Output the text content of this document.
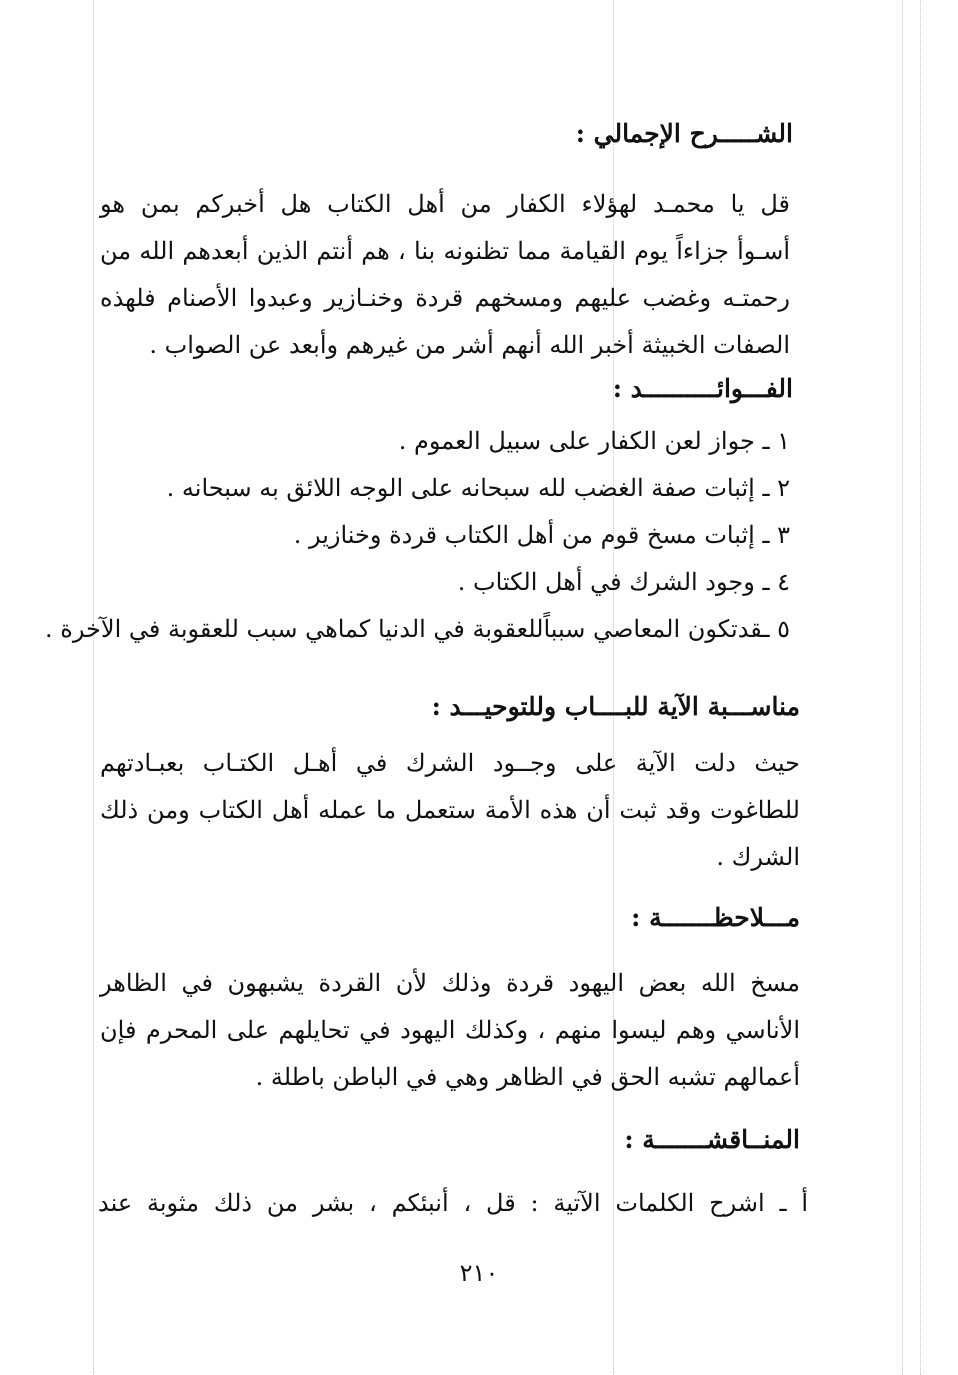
الشـــــرح الإجمالي :
قل يا محمـد لهؤلاء الكفار من أهل الكتاب هل أخبركم بمن هو
أسـوأ جزاءاً يوم القيامة مما تظنونه بنا ، هم أنتم الذين أبعدهم الله من
رحمتـه وغضب عليهم ومسخهم قردة وخنـازير وعبدوا الأصنام فلهذه
الصفات الخبيثة أخبر الله أنهم أشر من غيرهم وأبعد عن الصواب .
الفـــوائــــــــــد :
١ ـ جواز لعن الكفار على سبيل العموم .
٢ ـ إثبات صفة الغضب لله سبحانه على الوجه اللائق به سبحانه .
٣ ـ إثبات مسخ قوم من أهل الكتاب قردة وخنازير .
٤ ـ وجود الشرك في أهل الكتاب .
٥ ـقدتكون المعاصي سبباًللعقوبة في الدنيا كماهي سبب للعقوبة في الآخرة .
مناســـبة الآية للبــــاب وللتوحيـــد :
حيث دلت الآية على وجــود الشرك في أهـل الكتـاب بعبـادتهم
للطاغوت وقد ثبت أن هذه الأمة ستعمل ما عمله أهل الكتاب ومن ذلك
الشرك .
مـــلاحظـــــــة :
مسخ الله بعض اليهود قردة وذلك لأن القردة يشبهون في الظاهر
الأناسي وهم ليسوا منهم ، وكذلك اليهود في تحايلهم على المحرم فإن
أعمالهم تشبه الحق في الظاهر وهي في الباطن باطلة .
المنــاقشـــــــة :
أ ـ اشرح الكلمات الآتية : قل ، أنبئكم ، بشر من ذلك مثوبة عند
٢١٠
